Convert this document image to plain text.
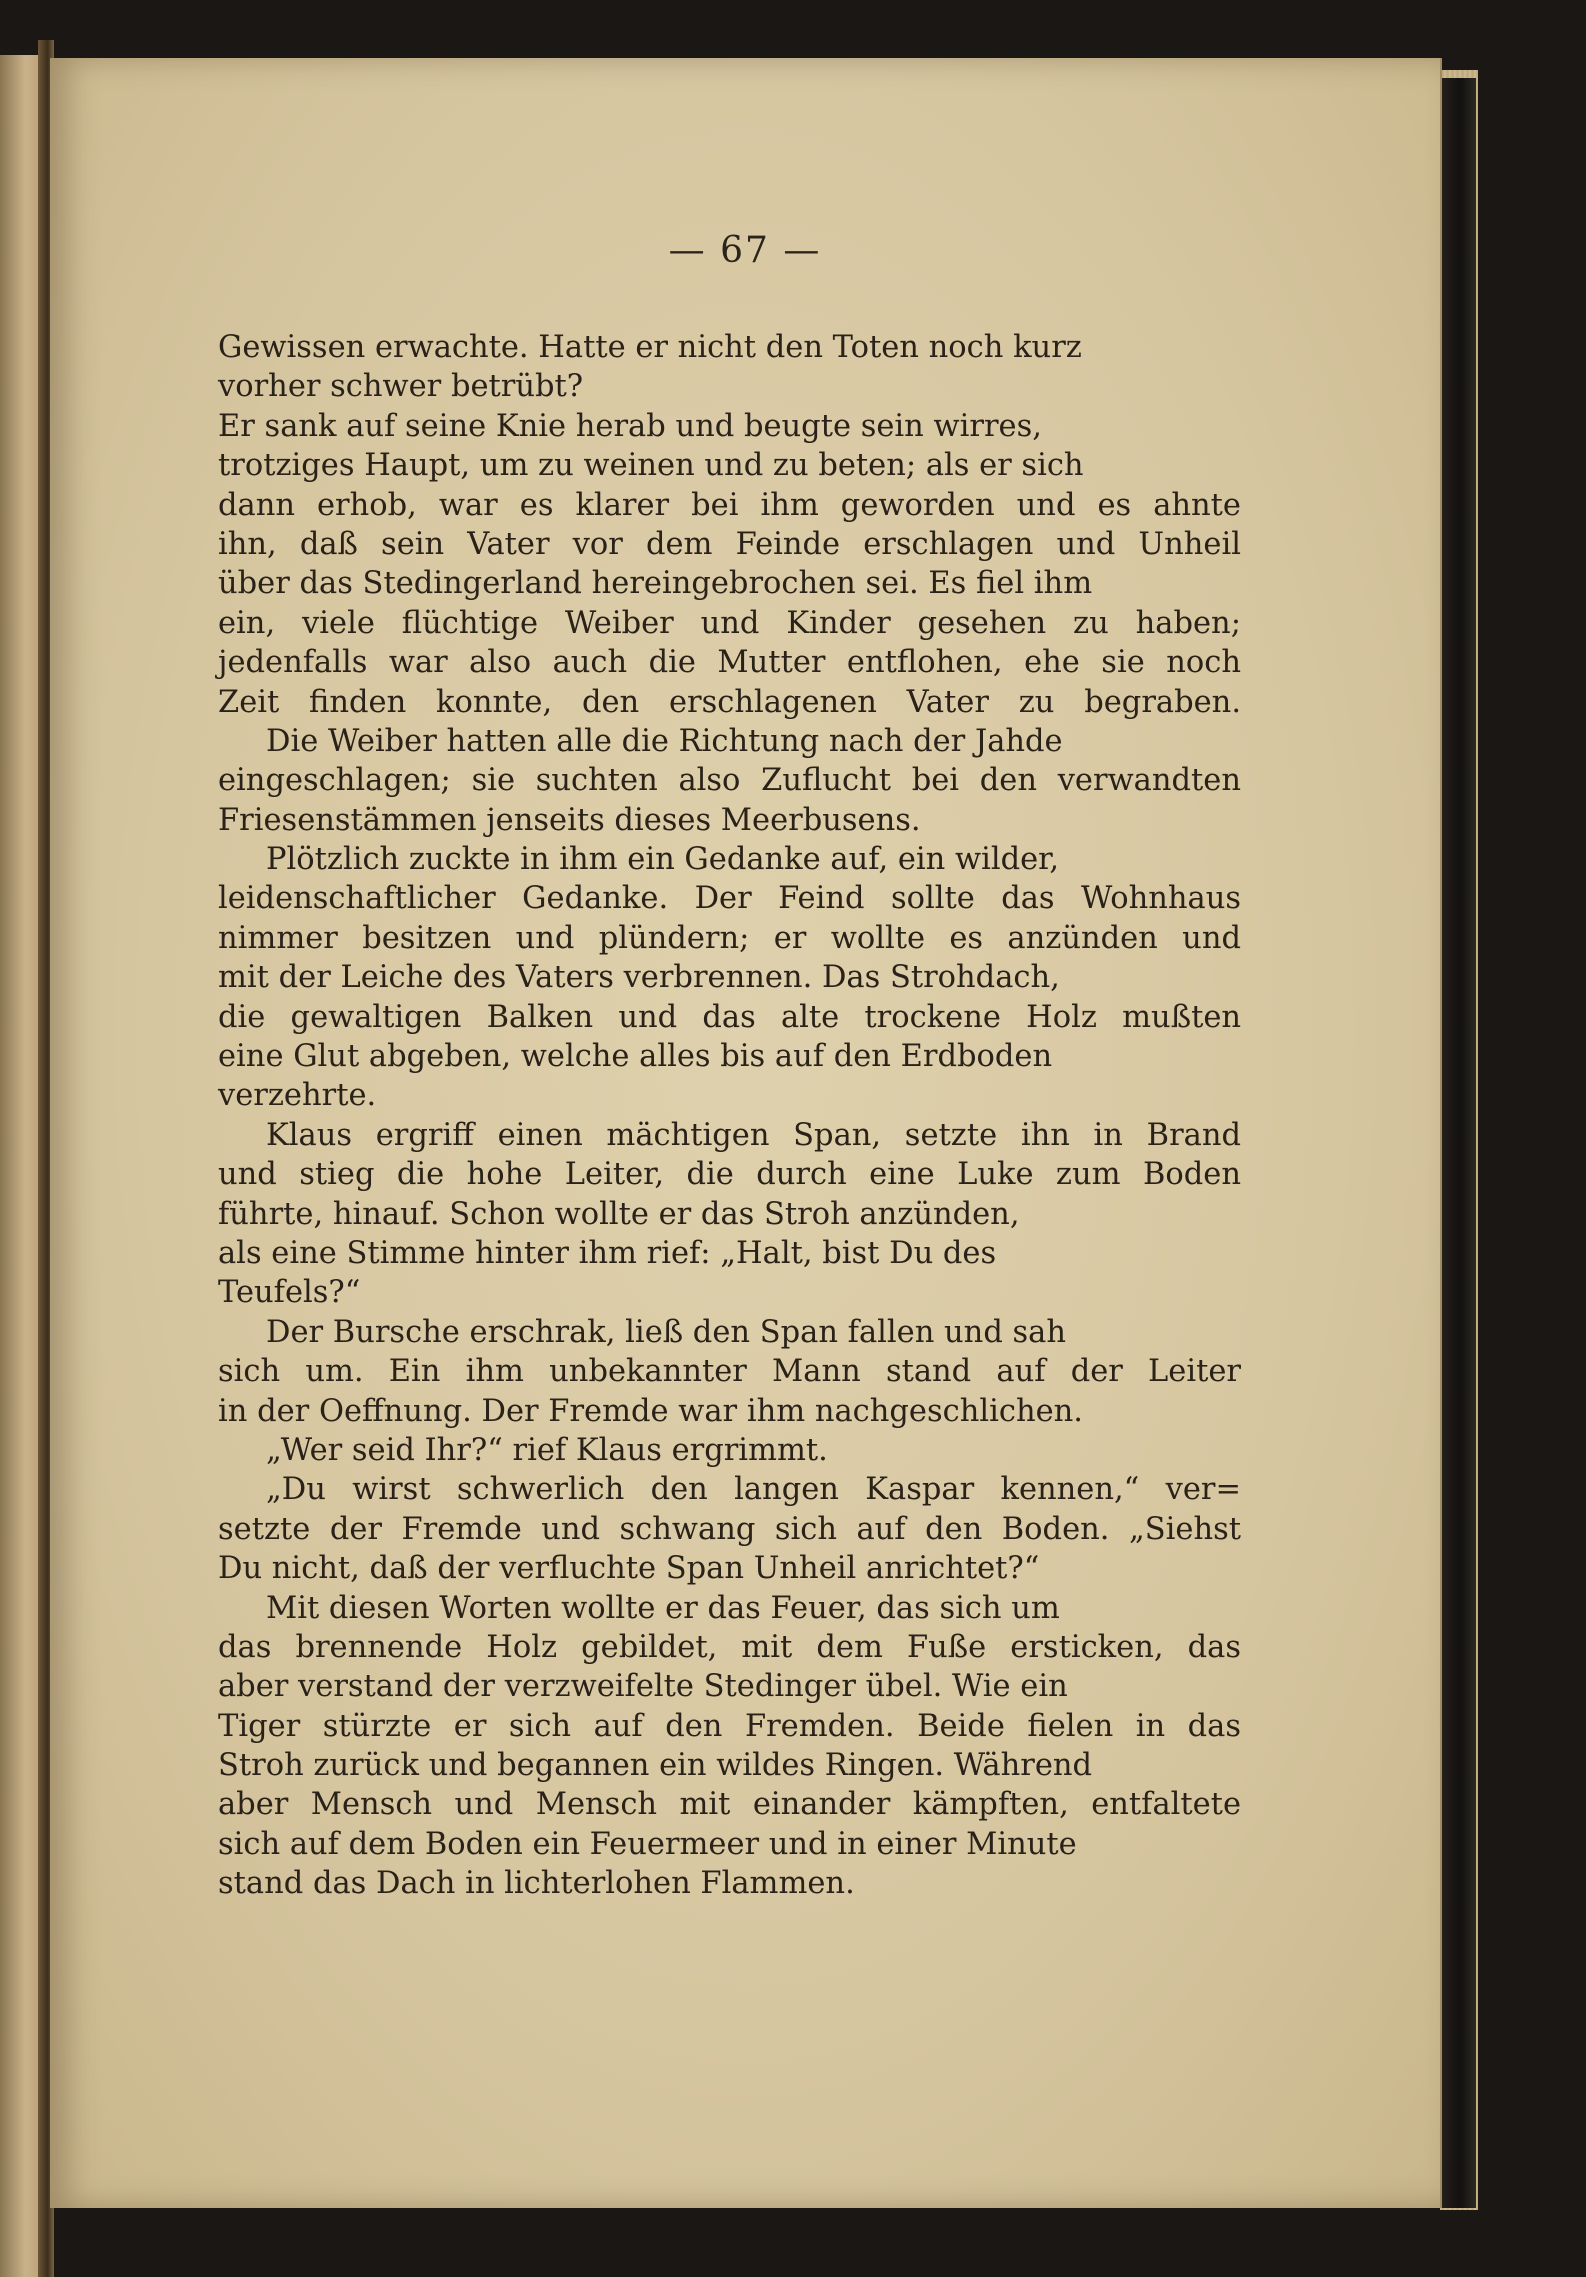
— 67 —
Gewissen erwachte. Hatte er nicht den Toten noch kurz
vorher schwer betrübt?
Er sank auf seine Knie herab und beugte sein wirres,
trotziges Haupt, um zu weinen und zu beten; als er sich
dann erhob, war es klarer bei ihm geworden und es ahnte
ihn, daß sein Vater vor dem Feinde erschlagen und Unheil
über das Stedingerland hereingebrochen sei. Es fiel ihm
ein, viele flüchtige Weiber und Kinder gesehen zu haben;
jedenfalls war also auch die Mutter entflohen, ehe sie noch
Zeit finden konnte, den erschlagenen Vater zu begraben.
Die Weiber hatten alle die Richtung nach der Jahde
eingeschlagen; sie suchten also Zuflucht bei den verwandten
Friesenstämmen jenseits dieses Meerbusens.
Plötzlich zuckte in ihm ein Gedanke auf, ein wilder,
leidenschaftlicher Gedanke. Der Feind sollte das Wohnhaus
nimmer besitzen und plündern; er wollte es anzünden und
mit der Leiche des Vaters verbrennen. Das Strohdach,
die gewaltigen Balken und das alte trockene Holz mußten
eine Glut abgeben, welche alles bis auf den Erdboden
verzehrte.
Klaus ergriff einen mächtigen Span, setzte ihn in Brand
und stieg die hohe Leiter, die durch eine Luke zum Boden
führte, hinauf. Schon wollte er das Stroh anzünden,
als eine Stimme hinter ihm rief: „Halt, bist Du des
Teufels?“
Der Bursche erschrak, ließ den Span fallen und sah
sich um. Ein ihm unbekannter Mann stand auf der Leiter
in der Oeffnung. Der Fremde war ihm nachgeschlichen.
„Wer seid Ihr?“ rief Klaus ergrimmt.
„Du wirst schwerlich den langen Kaspar kennen,“ ver=
setzte der Fremde und schwang sich auf den Boden. „Siehst
Du nicht, daß der verfluchte Span Unheil anrichtet?“
Mit diesen Worten wollte er das Feuer, das sich um
das brennende Holz gebildet, mit dem Fuße ersticken, das
aber verstand der verzweifelte Stedinger übel. Wie ein
Tiger stürzte er sich auf den Fremden. Beide fielen in das
Stroh zurück und begannen ein wildes Ringen. Während
aber Mensch und Mensch mit einander kämpften, entfaltete
sich auf dem Boden ein Feuermeer und in einer Minute
stand das Dach in lichterlohen Flammen.
